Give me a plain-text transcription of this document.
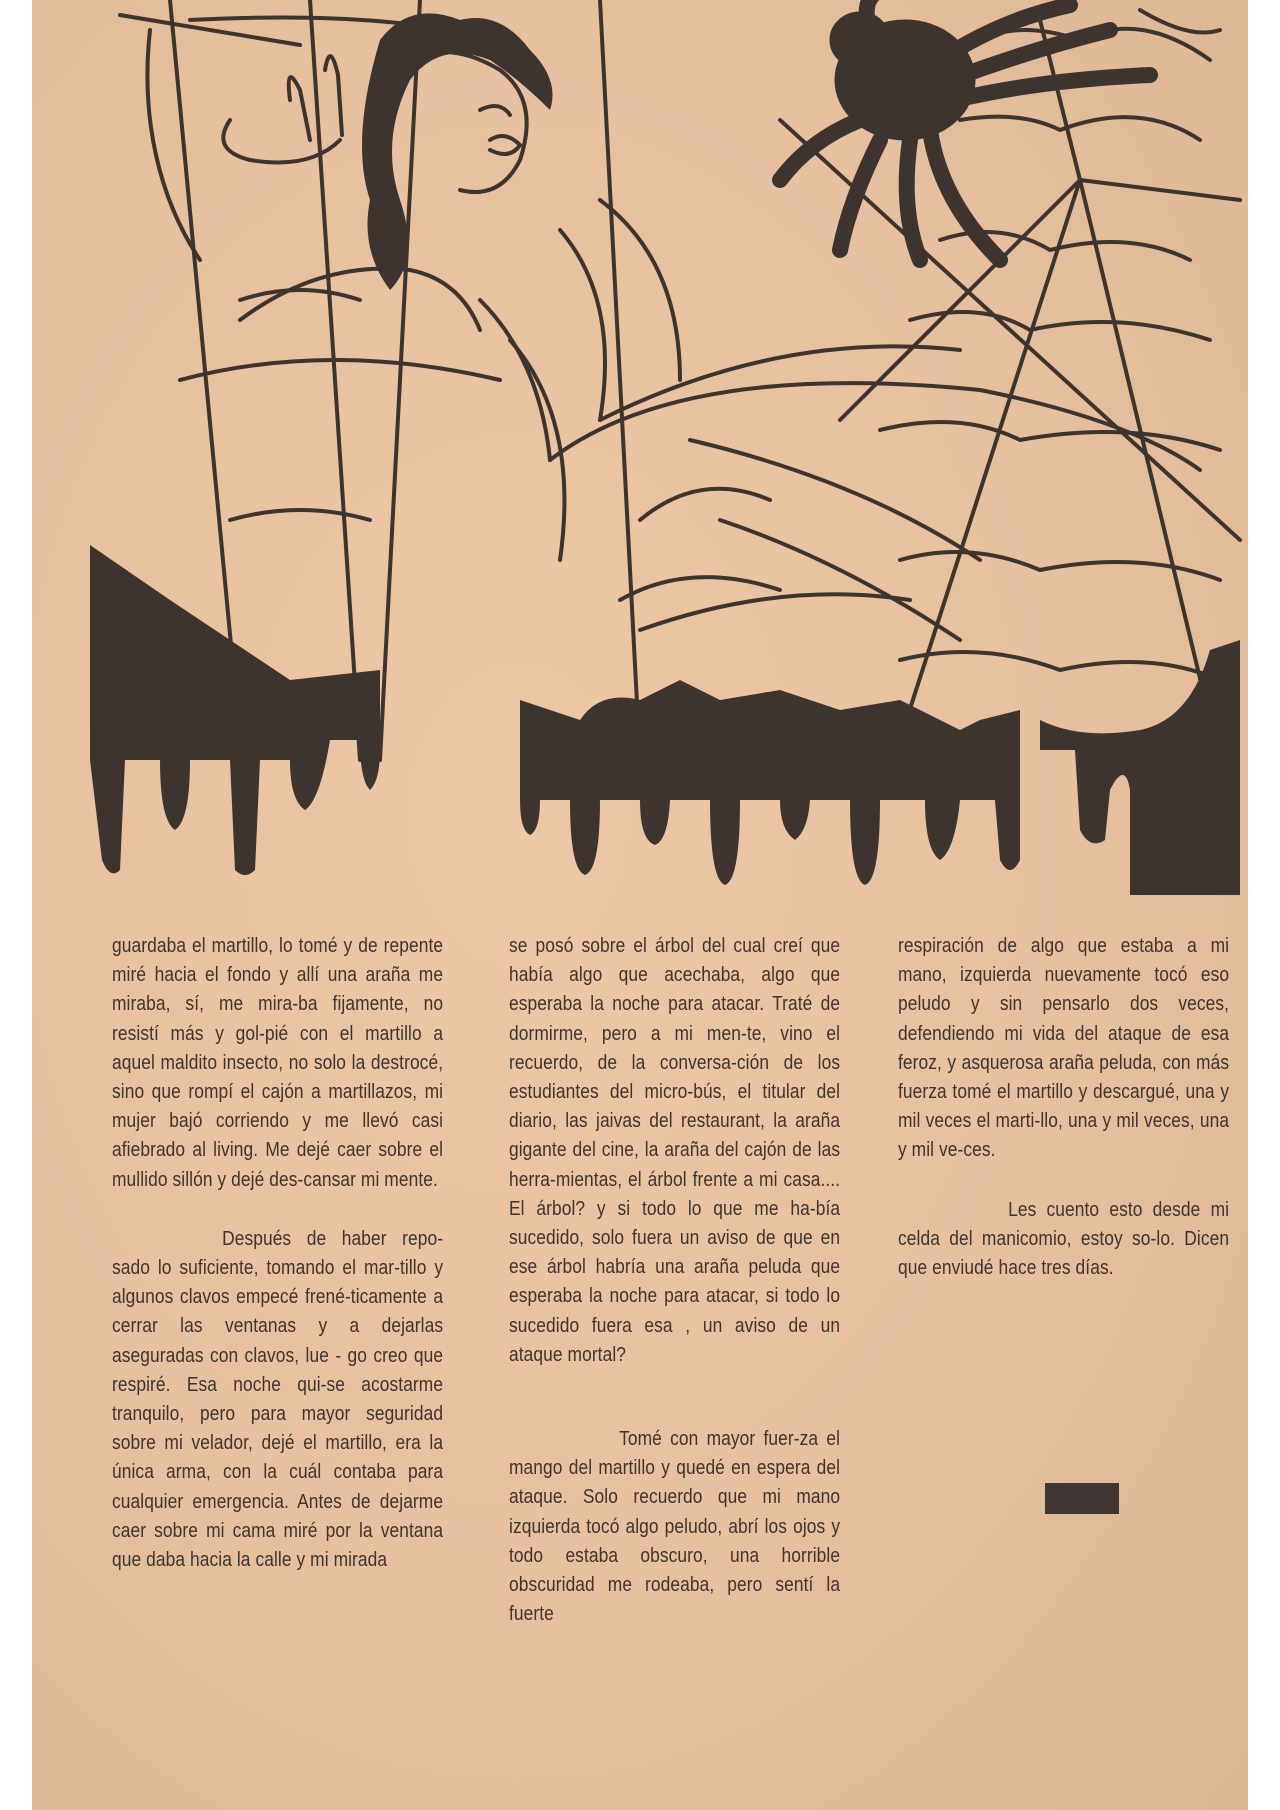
guardaba el martillo, lo tomé y de repente miré hacia el fondo y allí una araña me miraba, sí, me mira-ba fijamente, no resistí más y gol-pié con el martillo a aquel maldito insecto, no solo la destrocé, sino que rompí el cajón a martillazos, mi mujer bajó corriendo y me llevó casi afiebrado al living. Me dejé caer sobre el mullido sillón y dejé des-cansar mi mente.

Después de haber repo-sado lo suficiente, tomando el mar-tillo y algunos clavos empecé frené-ticamente a cerrar las ventanas y a dejarlas aseguradas con clavos, lue - go creo que respiré. Esa noche qui-se acostarme tranquilo, pero para mayor seguridad sobre mi velador, dejé el martillo, era la única arma, con la cuál contaba para cualquier emergencia. Antes de dejarme caer sobre mi cama miré por la ventana que daba hacia la calle y mi mirada

se posó sobre el árbol del cual creí que había algo que acechaba, algo que esperaba la noche para atacar. Traté de dormirme, pero a mi men-te, vino el recuerdo, de la conversa-ción de los estudiantes del micro-bús, el titular del diario, las jaivas del restaurant, la araña gigante del cine, la araña del cajón de las herra-mientas, el árbol frente a mi casa.... El árbol? y si todo lo que me ha-bía sucedido, solo fuera un aviso de que en ese árbol habría una araña peluda que esperaba la noche para atacar, si todo lo sucedido fuera esa , un aviso de un ataque mortal?

Tomé con mayor fuer-za el mango del martillo y quedé en espera del ataque. Solo recuerdo que mi mano izquierda tocó algo peludo, abrí los ojos y todo estaba obscuro, una horrible obscuridad me rodeaba, pero sentí la fuerte

respiración de algo que estaba a mi mano, izquierda nuevamente tocó eso peludo y sin pensarlo dos veces, defendiendo mi vida del ataque de esa feroz, y asquerosa araña peluda, con más fuerza tomé el martillo y descargué, una y mil veces el marti-llo, una y mil veces, una y mil ve-ces.

Les cuento esto desde mi celda del manicomio, estoy so-lo. Dicen que enviudé hace tres días.
